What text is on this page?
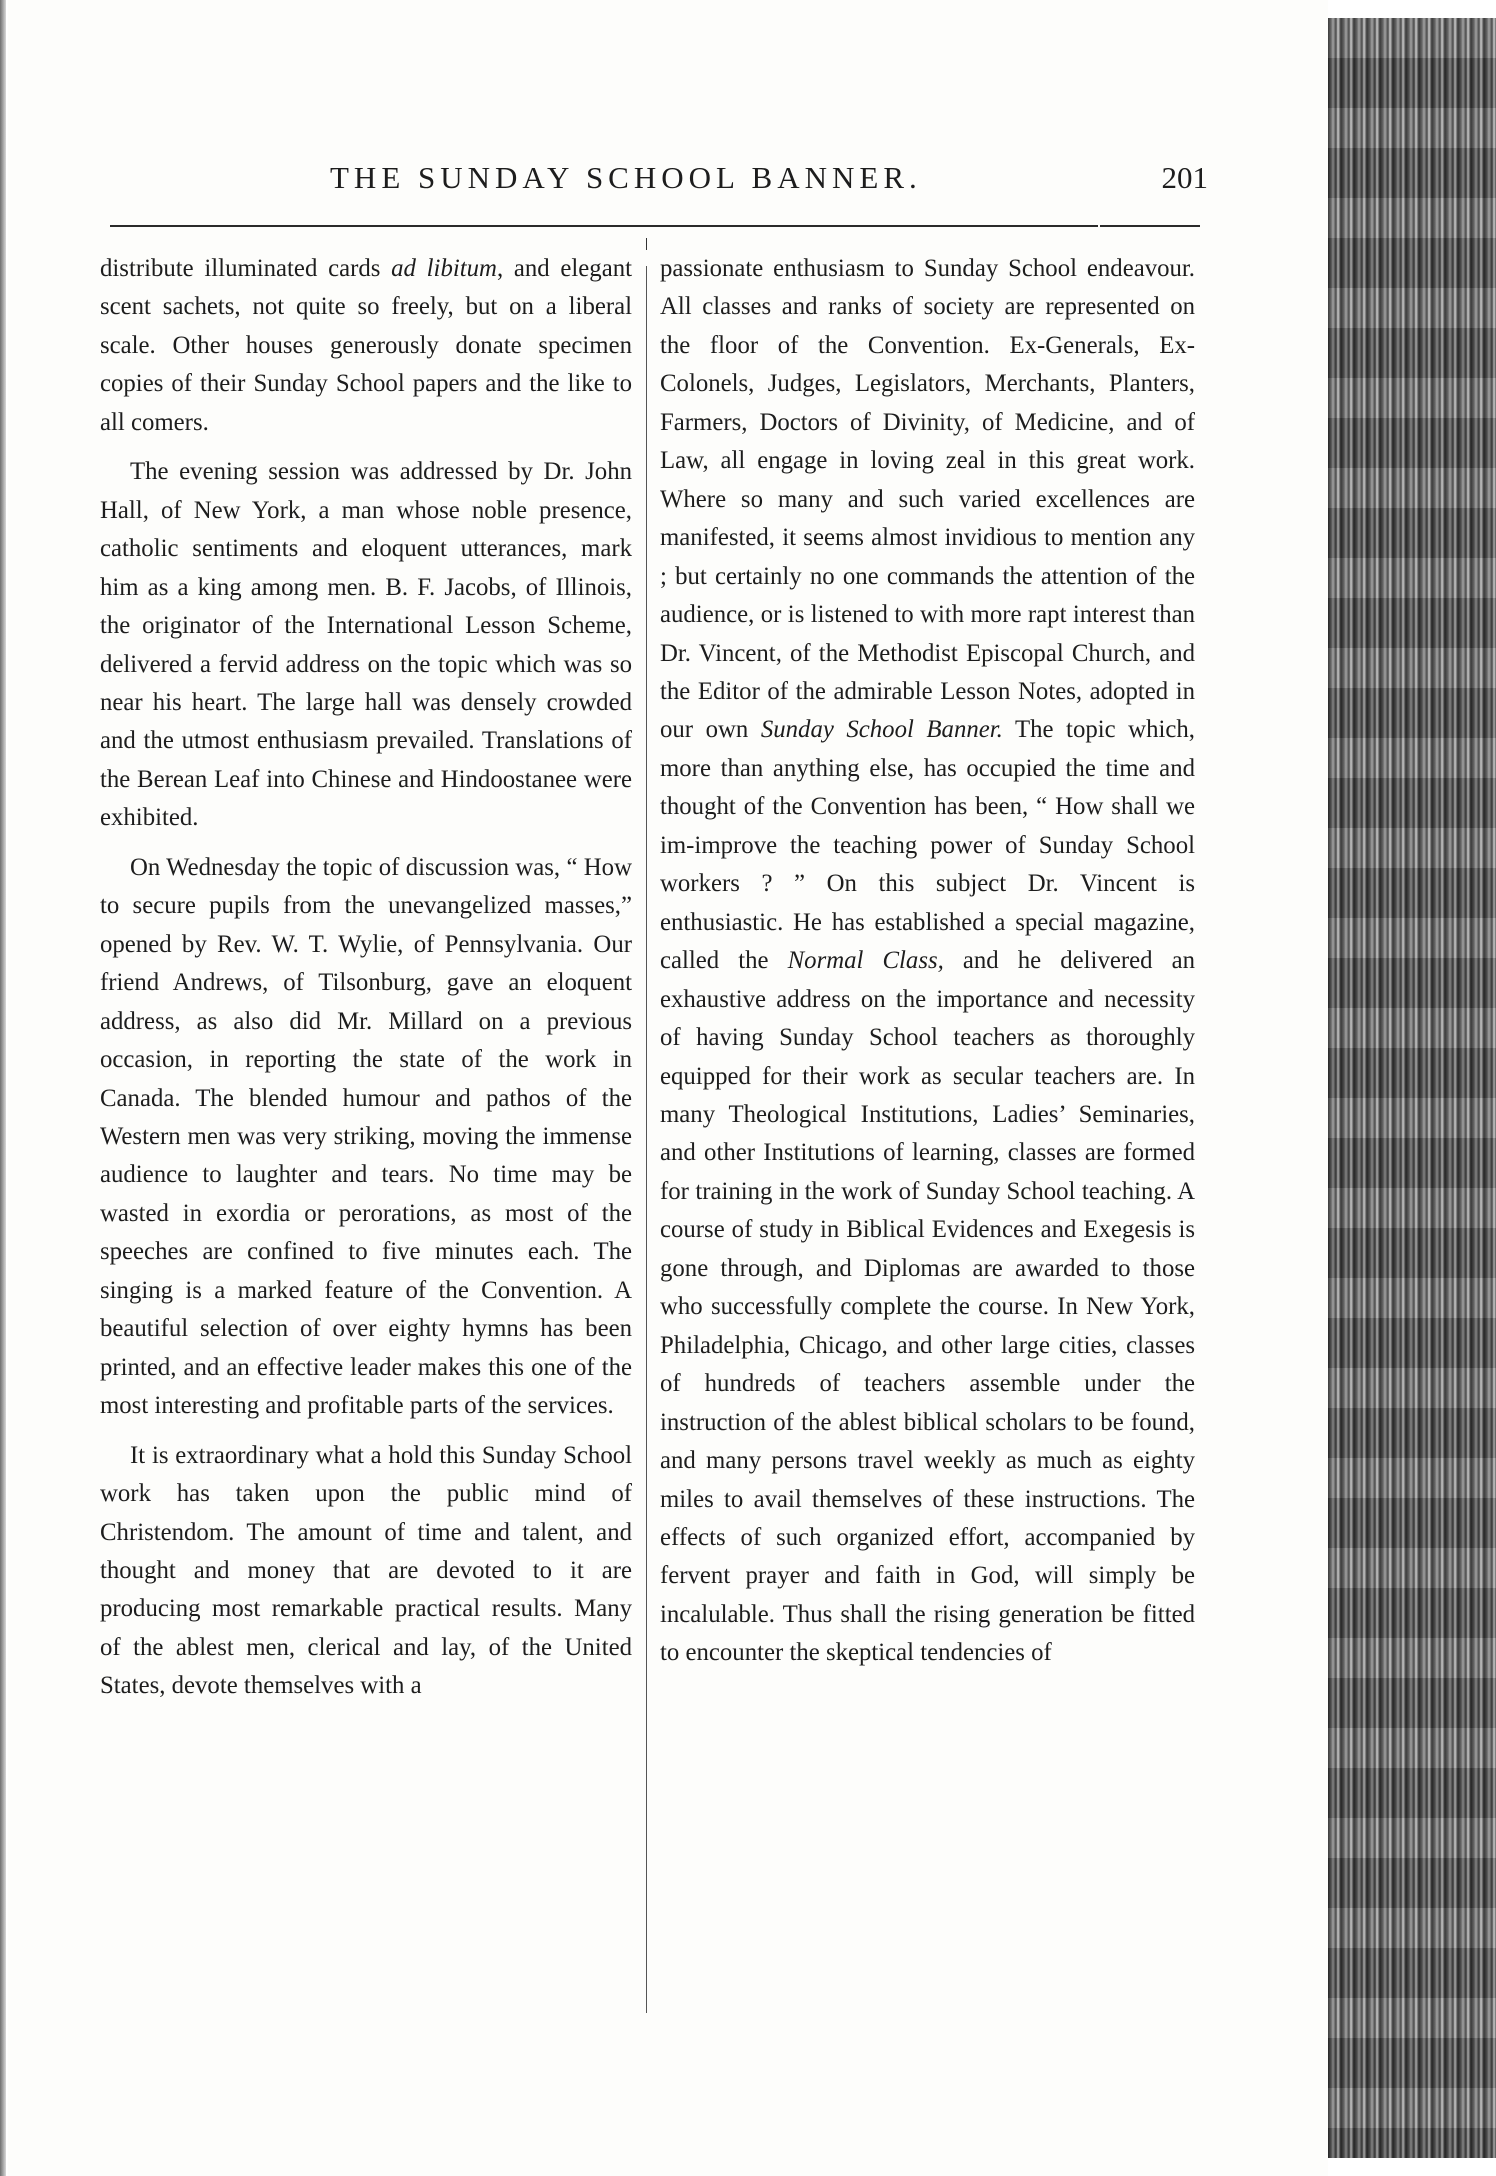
THE SUNDAY SCHOOL BANNER.	201

distribute illuminated cards ad libitum, and elegant scent sachets, not quite so freely, but on a liberal scale. Other houses generously donate specimen copies of their Sunday School papers and the like to all comers.

The evening session was addressed by Dr. John Hall, of New York, a man whose noble presence, catholic sentiments and eloquent utterances, mark him as a king among men. B. F. Jacobs, of Illinois, the originator of the International Lesson Scheme, delivered a fervid address on the topic which was so near his heart. The large hall was densely crowded and the utmost enthusiasm prevailed. Translations of the Berean Leaf into Chinese and Hindoostanee were exhibited.

On Wednesday the topic of discussion was, “ How to secure pupils from the unevangelized masses,” opened by Rev. W. T. Wylie, of Pennsylvania. Our friend Andrews, of Tilsonburg, gave an eloquent address, as also did Mr. Millard on a previous occasion, in reporting the state of the work in Canada. The blended humour and pathos of the Western men was very striking, moving the immense audience to laughter and tears. No time may be wasted in exordia or perorations, as most of the speeches are confined to five minutes each. The singing is a marked feature of the Convention. A beautiful selection of over eighty hymns has been printed, and an effective leader makes this one of the most interesting and profitable parts of the services.

It is extraordinary what a hold this Sunday School work has taken upon the public mind of Christendom. The amount of time and talent, and thought and money that are devoted to it are producing most remarkable practical results. Many of the ablest men, clerical and lay, of the United States, devote themselves with a

passionate enthusiasm to Sunday School endeavour. All classes and ranks of society are represented on the floor of the Convention. Ex-Generals, Ex-Colonels, Judges, Legislators, Merchants, Planters, Farmers, Doctors of Divinity, of Medicine, and of Law, all engage in loving zeal in this great work. Where so many and such varied excellences are manifested, it seems almost invidious to mention any ; but certainly no one commands the attention of the audience, or is listened to with more rapt interest than Dr. Vincent, of the Methodist Episcopal Church, and the Editor of the admirable Lesson Notes, adopted in our own Sunday School Banner. The topic which, more than anything else, has occupied the time and thought of the Convention has been, “ How shall we im-improve the teaching power of Sunday School workers ? ” On this subject Dr. Vincent is enthusiastic. He has established a special magazine, called the Normal Class, and he delivered an exhaustive address on the importance and necessity of having Sunday School teachers as thoroughly equipped for their work as secular teachers are. In many Theological Institutions, Ladies’ Seminaries, and other Institutions of learning, classes are formed for training in the work of Sunday School teaching. A course of study in Biblical Evidences and Exegesis is gone through, and Diplomas are awarded to those who successfully complete the course. In New York, Philadelphia, Chicago, and other large cities, classes of hundreds of teachers assemble under the instruction of the ablest biblical scholars to be found, and many persons travel weekly as much as eighty miles to avail themselves of these instructions. The effects of such organized effort, accompanied by fervent prayer and faith in God, will simply be incalulable. Thus shall the rising generation be fitted to encounter the skeptical tendencies of
